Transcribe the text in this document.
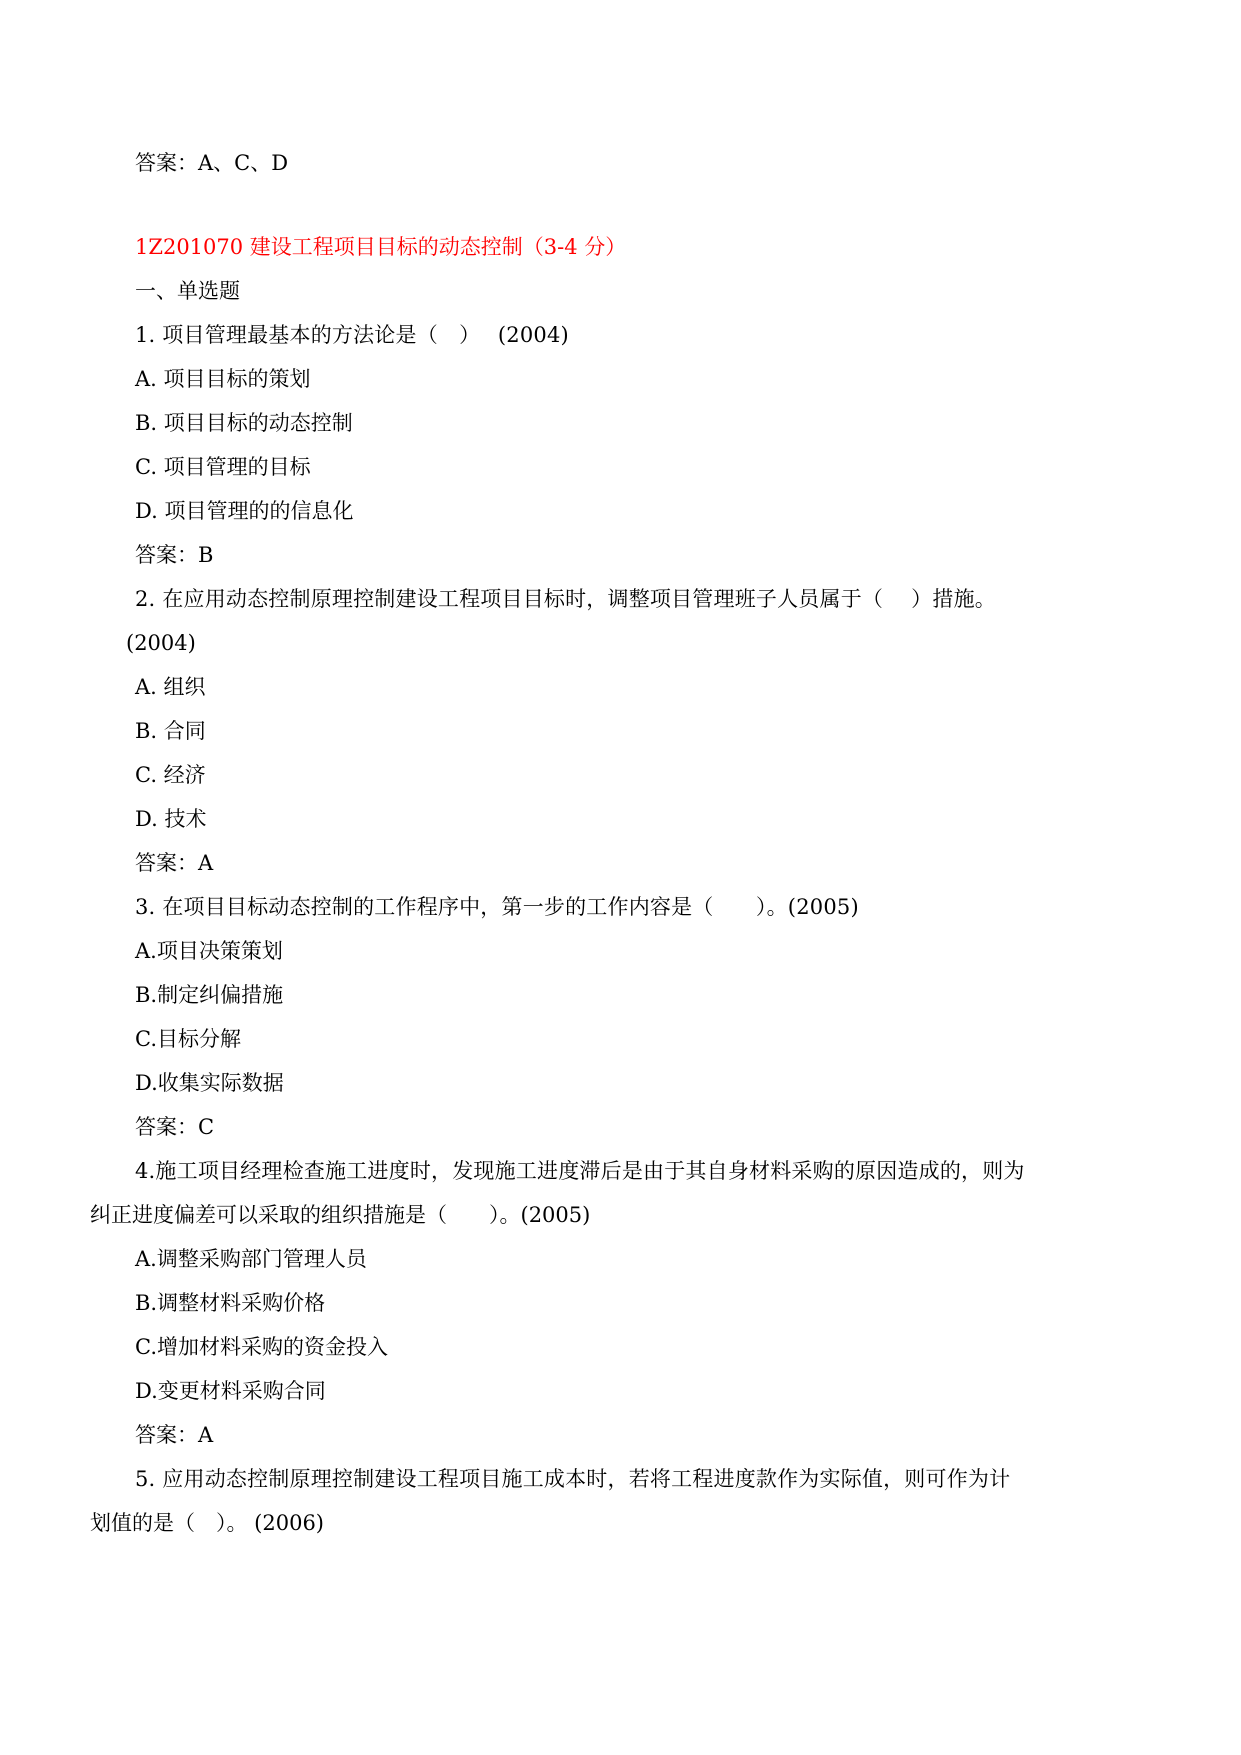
答案：A、C、D
1Z201070 建设工程项目目标的动态控制（3-4 分）
一、单选题
1. 项目管理最基本的方法论是（　）　 (2004)
A. 项目目标的策划
B. 项目目标的动态控制
C. 项目管理的目标
D. 项目管理的的信息化
答案：B
2. 在应用动态控制原理控制建设工程项目目标时，调整项目管理班子人员属于（　 ）措施。
(2004)
A. 组织
B. 合同
C. 经济
D. 技术
答案：A
3. 在项目目标动态控制的工作程序中，第一步的工作内容是（　　）。(2005)
A.项目决策策划
B.制定纠偏措施
C.目标分解
D.收集实际数据
答案：C
4.施工项目经理检查施工进度时，发现施工进度滞后是由于其自身材料采购的原因造成的，则为
纠正进度偏差可以采取的组织措施是（　　）。(2005)
A.调整采购部门管理人员
B.调整材料采购价格
C.增加材料采购的资金投入
D.变更材料采购合同
答案：A
5. 应用动态控制原理控制建设工程项目施工成本时，若将工程进度款作为实际值，则可作为计
划值的是（　）。 (2006)
